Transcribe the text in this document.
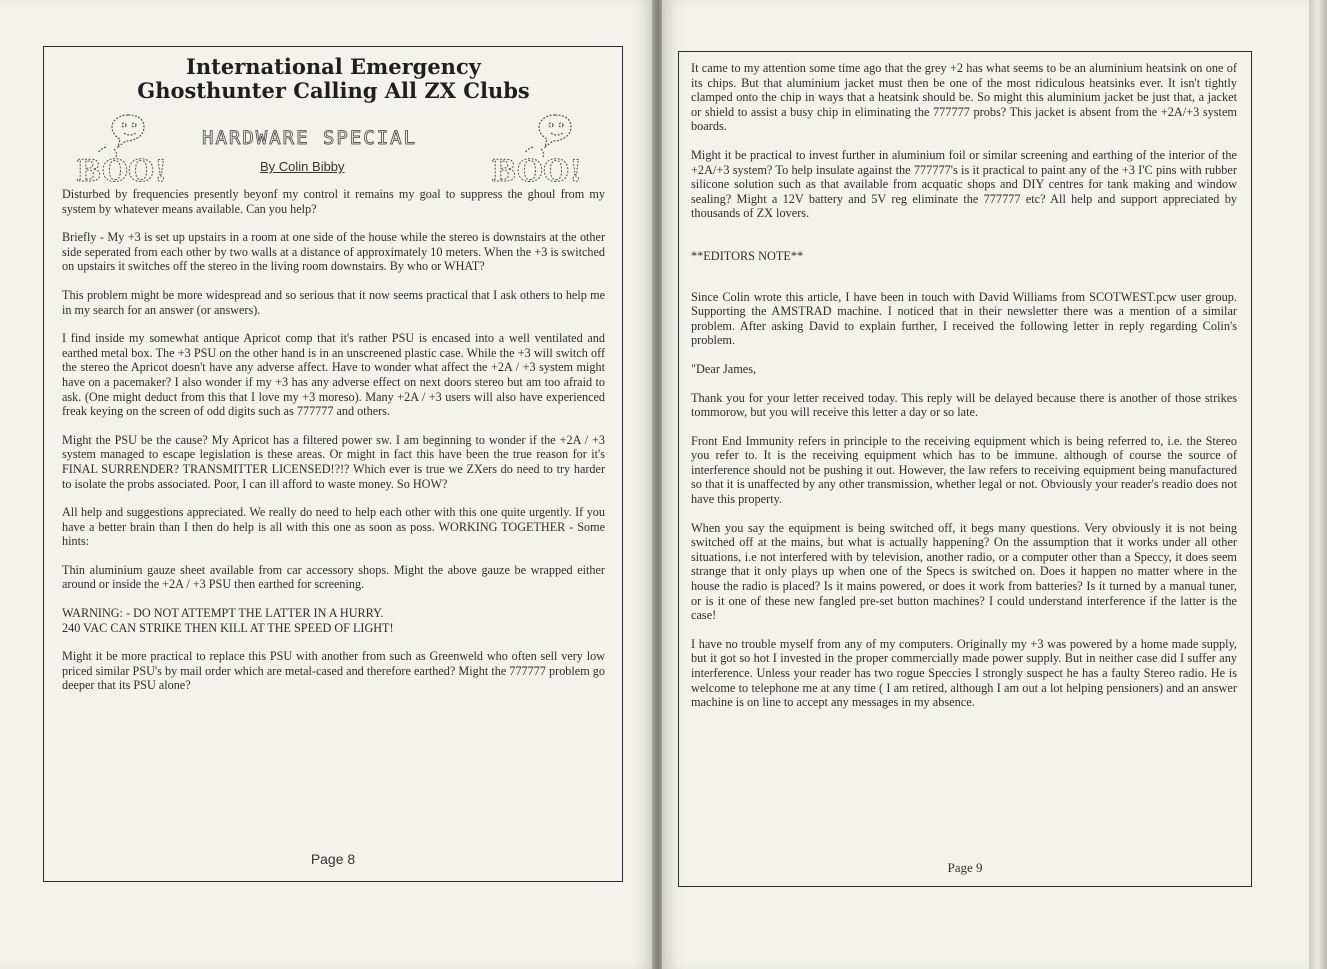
International Emergency
Ghosthunter Calling All ZX Clubs
BOO!
HARDWARE SPECIAL
By Colin Bibby	BOO!

Disturbed by frequencies presently beyonf my control it remains my goal to suppress the ghoul from my system by whatever means available. Can you help?

Briefly - My +3 is set up upstairs in a room at one side of the house while the stereo is downstairs at the other side seperated from each other by two walls at a distance of approximately 10 meters. When the +3 is switched on upstairs it switches off the stereo in the living room downstairs. By who or WHAT?

This problem might be more widespread and so serious that it now seems practical that I ask others to help me in my search for an answer (or answers).

I find inside my somewhat antique Apricot comp that it's rather PSU is encased into a well ventilated and earthed metal box. The +3 PSU on the other hand is in an unscreened plastic case. While the +3 will switch off the stereo the Apricot doesn't have any adverse affect. Have to wonder what affect the +2A / +3 system might have on a pacemaker? I also wonder if my +3 has any adverse effect on next doors stereo but am too afraid to ask. (One might deduct from this that I love my +3 moreso). Many +2A / +3 users will also have experienced freak keying on the screen of odd digits such as 777777 and others.

Might the PSU be the cause? My Apricot has a filtered power sw. I am beginning to wonder if the +2A / +3 system managed to escape legislation is these areas. Or might in fact this have been the true reason for it's FINAL SURRENDER? TRANSMITTER LICENSED!?!? Which ever is true we ZXers do need to try harder to isolate the probs associated. Poor, I can ill afford to waste money. So HOW?

All help and suggestions appreciated. We really do need to help each other with this one quite urgently. If you have a better brain than I then do help is all with this one as soon as poss. WORKING TOGETHER - Some hints:

Thin aluminium gauze sheet available from car accessory shops. Might the above gauze be wrapped either around or inside the +2A / +3 PSU then earthed for screening.

WARNING: - DO NOT ATTEMPT THE LATTER IN A HURRY.
240 VAC CAN STRIKE THEN KILL AT THE SPEED OF LIGHT!

Might it be more practical to replace this PSU with another from such as Greenweld who often sell very low priced similar PSU's by mail order which are metal-cased and therefore earthed? Might the 777777 problem go deeper that its PSU alone?

Page 8

It came to my attention some time ago that the grey +2 has what seems to be an aluminium heatsink on one of its chips. But that aluminium jacket must then be one of the most ridiculous heatsinks ever. It isn't tightly clamped onto the chip in ways that a heatsink should be. So might this aluminium jacket be just that, a jacket or shield to assist a busy chip in eliminating the 777777 probs? This jacket is absent from the +2A/+3 system boards.

Might it be practical to invest further in aluminium foil or similar screening and earthing of the interior of the +2A/+3 system? To help insulate against the 777777's is it practical to paint any of the +3 I'C pins with rubber silicone solution such as that available from acquatic shops and DIY centres for tank making and window sealing? Might a 12V battery and 5V reg eliminate the 777777 etc? All help and support appreciated by thousands of ZX lovers.

**EDITORS NOTE**

Since Colin wrote this article, I have been in touch with David Williams from SCOTWEST.pcw user group. Supporting the AMSTRAD machine. I noticed that in their newsletter there was a mention of a similar problem. After asking David to explain further, I received the following letter in reply regarding Colin's problem.

"Dear James,

Thank you for your letter received today. This reply will be delayed because there is another of those strikes tommorow, but you will receive this letter a day or so late.

Front End Immunity refers in principle to the receiving equipment which is being referred to, i.e. the Stereo you refer to. It is the receiving equipment which has to be immune. although of course the source of interference should not be pushing it out. However, the law refers to receiving equipment being manufactured so that it is unaffected by any other transmission, whether legal or not. Obviously your reader's readio does not have this property.

When you say the equipment is being switched off, it begs many questions. Very obviously it is not being switched off at the mains, but what is actually happening? On the assumption that it works under all other situations, i.e not interfered with by television, another radio, or a computer other than a Speccy, it does seem strange that it only plays up when one of the Specs is switched on. Does it happen no matter where in the house the radio is placed? Is it mains powered, or does it work from batteries? Is it turned by a manual tuner, or is it one of these new fangled pre-set button machines? I could understand interference if the latter is the case!

I have no trouble myself from any of my computers. Originally my +3 was powered by a home made supply, but it got so hot I invested in the proper commercially made power supply. But in neither case did I suffer any interference. Unless your reader has two rogue Speccies I strongly suspect he has a faulty Stereo radio. He is welcome to telephone me at any time ( I am retired, although I am out a lot helping pensioners) and an answer machine is on line to accept any messages in my absence.

Page 9
